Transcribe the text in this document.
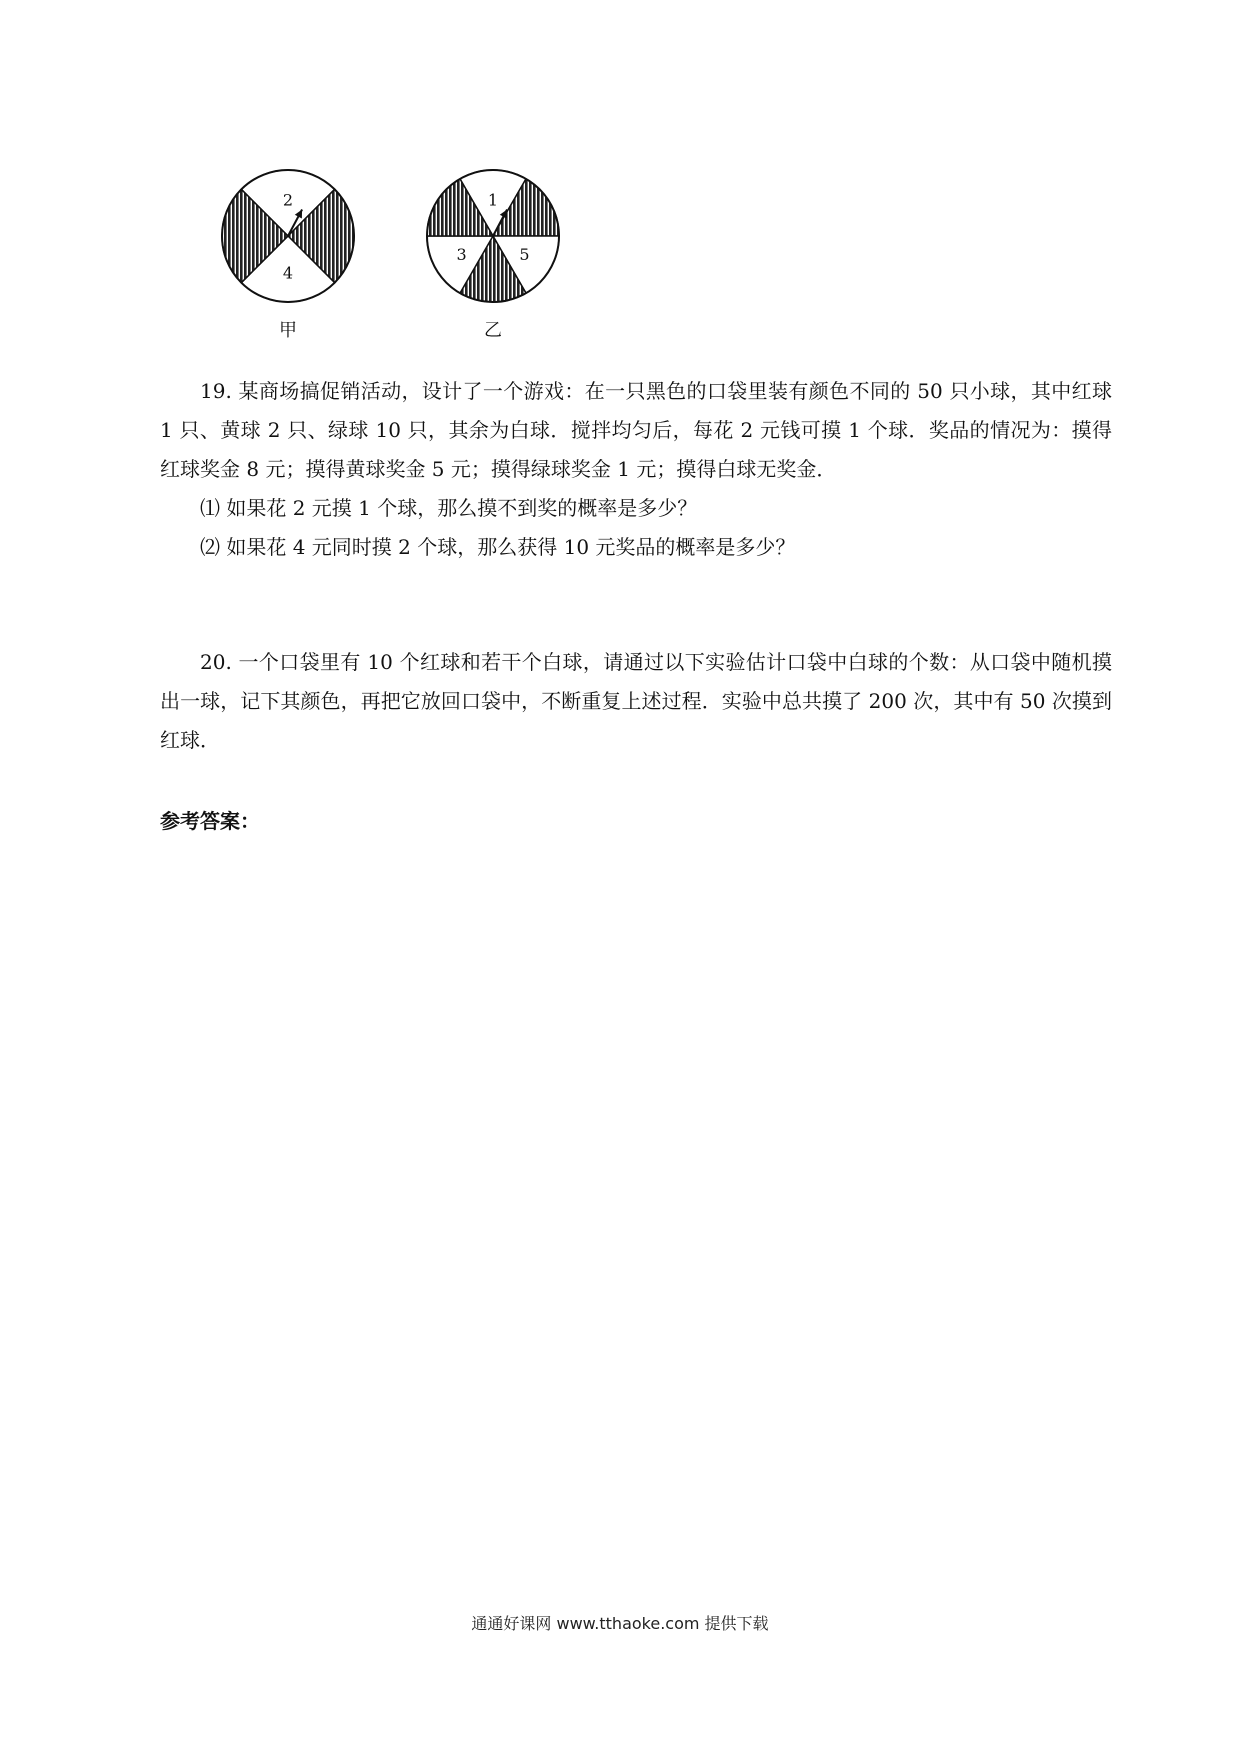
2
4
甲
1
5
3
乙

19. 某商场搞促销活动，设计了一个游戏：在一只黑色的口袋里装有颜色不同的 50 只小球，其中红球 1 只、黄球 2 只、绿球 10 只，其余为白球．搅拌均匀后，每花 2 元钱可摸 1 个球．奖品的情况为：摸得红球奖金 8 元；摸得黄球奖金 5 元；摸得绿球奖金 1 元；摸得白球无奖金．

⑴ 如果花 2 元摸 1 个球，那么摸不到奖的概率是多少？

⑵ 如果花 4 元同时摸 2 个球，那么获得 10 元奖品的概率是多少？

20. 一个口袋里有 10 个红球和若干个白球，请通过以下实验估计口袋中白球的个数：从口袋中随机摸出一球，记下其颜色，再把它放回口袋中，不断重复上述过程．实验中总共摸了 200 次，其中有 50 次摸到红球．

参考答案：
通通好课网 www.tthaoke.com 提供下载
